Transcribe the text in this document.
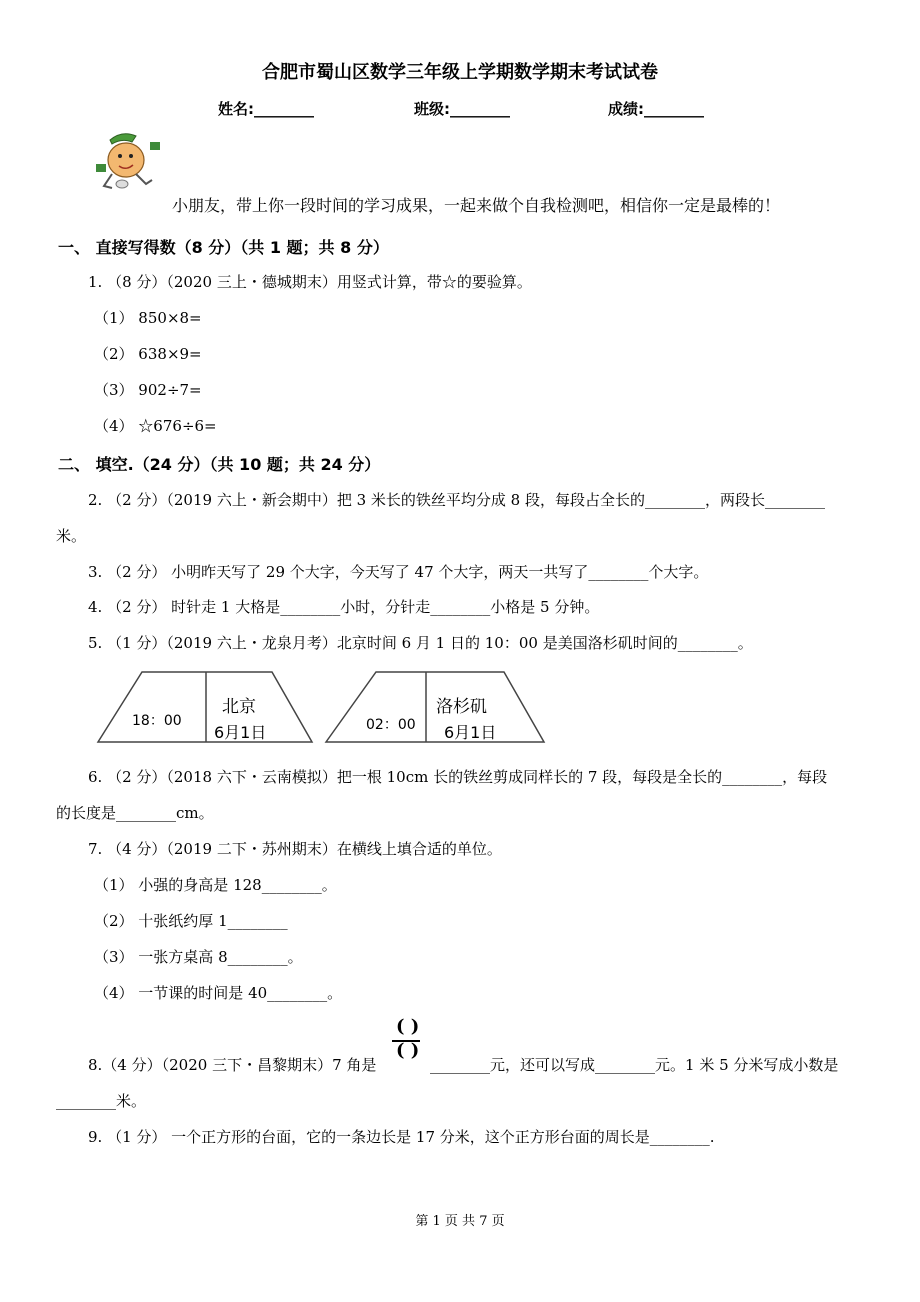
合肥市蜀山区数学三年级上学期数学期末考试试卷
姓名:________	班级:________	成绩:________
小朋友，带上你一段时间的学习成果，一起来做个自我检测吧，相信你一定是最棒的！
一、 直接写得数（8 分）（共 1 题；共 8 分）
1. （8 分）（2020 三上・德城期末）用竖式计算，带☆的要验算。
（1） 850×8=
（2） 638×9=
（3） 902÷7=
（4） ☆676÷6=
二、 填空.（24 分）（共 10 题；共 24 分）
2. （2 分）（2019 六上・新会期中）把 3 米长的铁丝平均分成 8 段，每段占全长的________，两段长________
米。
3. （2 分） 小明昨天写了 29 个大字，今天写了 47 个大字，两天一共写了________个大字。
4. （2 分） 时针走 1 大格是________小时，分针走________小格是 5 分钟。
5. （1 分）（2019 六上・龙泉月考）北京时间 6 月 1 日的 10：00 是美国洛杉矶时间的________。
18：00
北京
6月1日	02：00
洛杉矶
6月1日
6. （2 分）（2018 六下・云南模拟）把一根 10cm 长的铁丝剪成同样长的 7 段，每段是全长的________，每段
的长度是________cm。
7. （4 分）（2019 二下・苏州期末）在横线上填合适的单位。
（1） 小强的身高是 128________。
（2） 十张纸约厚 1________
（3） 一张方桌高 8________。
（4） 一节课的时间是 40________。
8.（4 分）（2020 三下・昌黎期末）7 角是
( )
( )
________元，还可以写成________元。1 米 5 分米写成小数是
________米。
9. （1 分） 一个正方形的台面，它的一条边长是 17 分米，这个正方形台面的周长是________.
第 1 页 共 7 页
